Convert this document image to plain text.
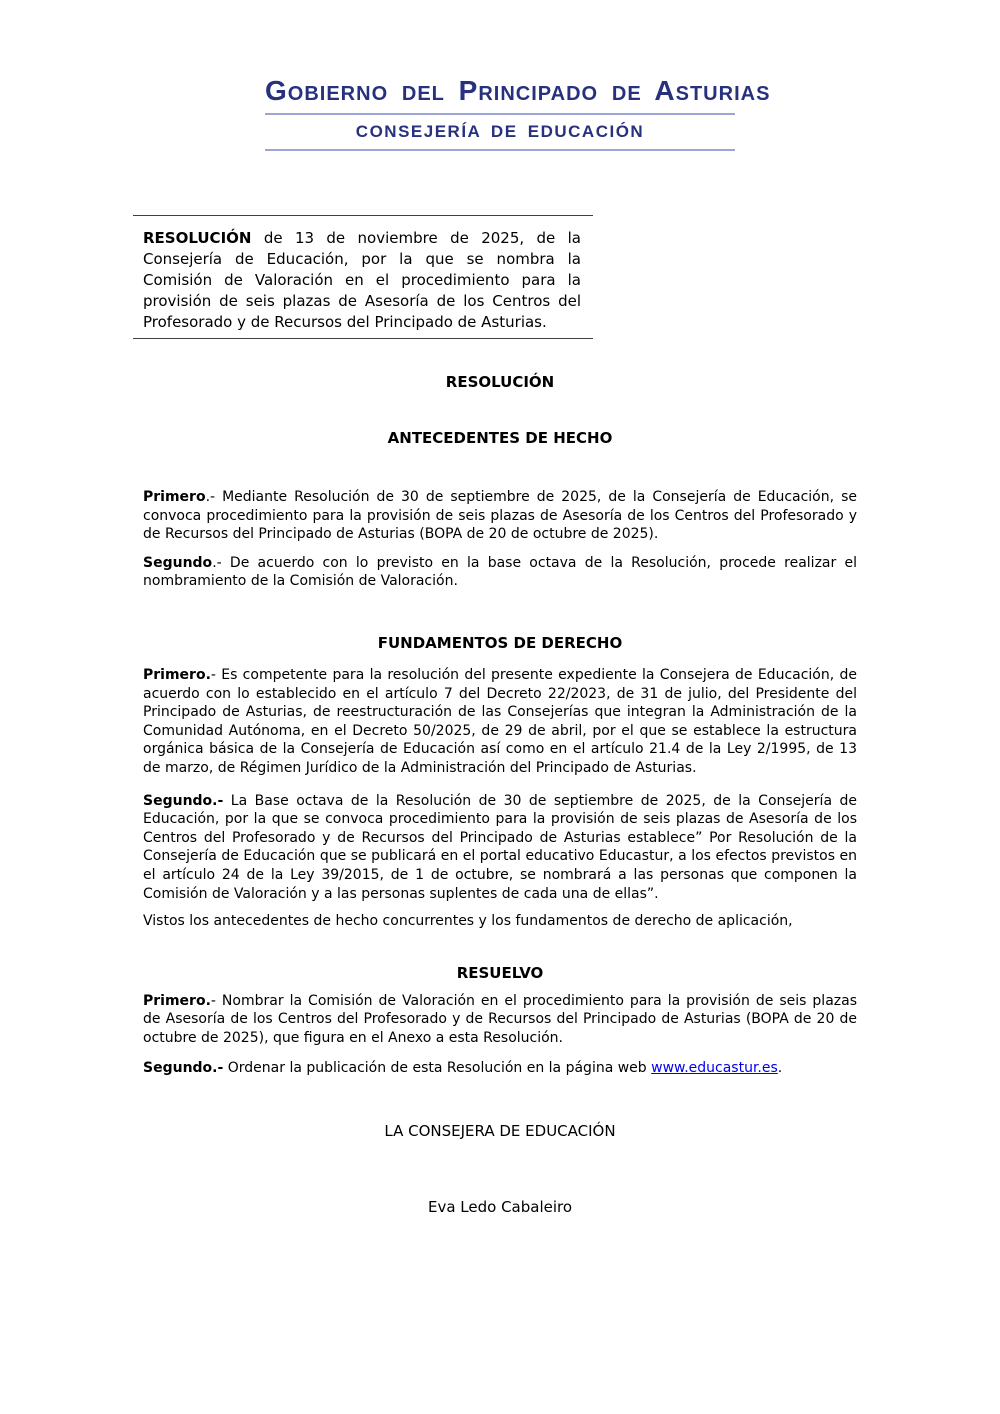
Gobierno del Principado de Asturias
CONSEJERÍA DE EDUCACIÓN
RESOLUCIÓN de 13 de noviembre de 2025, de la Consejería de Educación, por la que se nombra la Comisión de Valoración en el procedimiento para la provisión de seis plazas de Asesoría de los Centros del Profesorado y de Recursos del Principado de Asturias.
RESOLUCIÓN
ANTECEDENTES DE HECHO

Primero.- Mediante Resolución de 30 de septiembre de 2025, de la Consejería de Educación, se convoca procedimiento para la provisión de seis plazas de Asesoría de los Centros del Profesorado y de Recursos del Principado de Asturias (BOPA de 20 de octubre de 2025).

Segundo.- De acuerdo con lo previsto en la base octava de la Resolución, procede realizar el nombramiento de la Comisión de Valoración.

FUNDAMENTOS DE DERECHO

Primero.- Es competente para la resolución del presente expediente la Consejera de Educación, de acuerdo con lo establecido en el artículo 7 del Decreto 22/2023, de 31 de julio, del Presidente del Principado de Asturias, de reestructuración de las Consejerías que integran la Administración de la Comunidad Autónoma, en el Decreto 50/2025, de 29 de abril, por el que se establece la estructura orgánica básica de la Consejería de Educación así como en el artículo 21.4 de la Ley 2/1995, de 13 de marzo, de Régimen Jurídico de la Administración del Principado de Asturias.

Segundo.- La Base octava de la Resolución de 30 de septiembre de 2025, de la Consejería de Educación, por la que se convoca procedimiento para la provisión de seis plazas de Asesoría de los Centros del Profesorado y de Recursos del Principado de Asturias establece” Por Resolución de la Consejería de Educación que se publicará en el portal educativo Educastur, a los efectos previstos en el artículo 24 de la Ley 39/2015, de 1 de octubre, se nombrará a las personas que componen la Comisión de Valoración y a las personas suplentes de cada una de ellas”.

Vistos los antecedentes de hecho concurrentes y los fundamentos de derecho de aplicación,

RESUELVO

Primero.- Nombrar la Comisión de Valoración en el procedimiento para la provisión de seis plazas de Asesoría de los Centros del Profesorado y de Recursos del Principado de Asturias (BOPA de 20 de octubre de 2025), que figura en el Anexo a esta Resolución.

Segundo.- Ordenar la publicación de esta Resolución en la página web www.educastur.es.

LA CONSEJERA DE EDUCACIÓN
Eva Ledo Cabaleiro
